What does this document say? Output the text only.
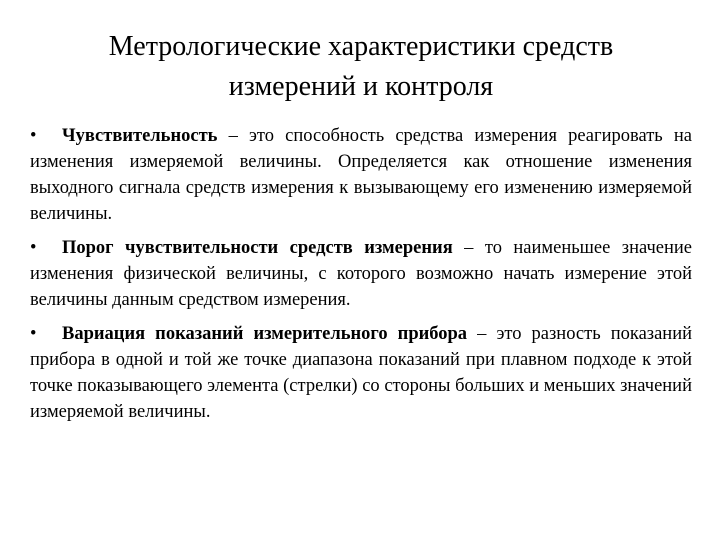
Метрологические характеристики средств
измерений и контроля

• Чувствительность – это способность средства измерения реагировать на изменения измеряемой величины. Определяется как отношение изменения выходного сигнала средств измерения к вызывающему его изменению измеряемой величины.

• Порог чувствительности средств измерения – то наименьшее значение изменения физической величины, с которого возможно начать измерение этой величины данным средством измерения.

• Вариация показаний измерительного прибора – это разность показаний прибора в одной и той же точке диапазона показаний при плавном подходе к этой точке показывающего элемента (стрелки) со стороны больших и меньших значений измеряемой величины.
